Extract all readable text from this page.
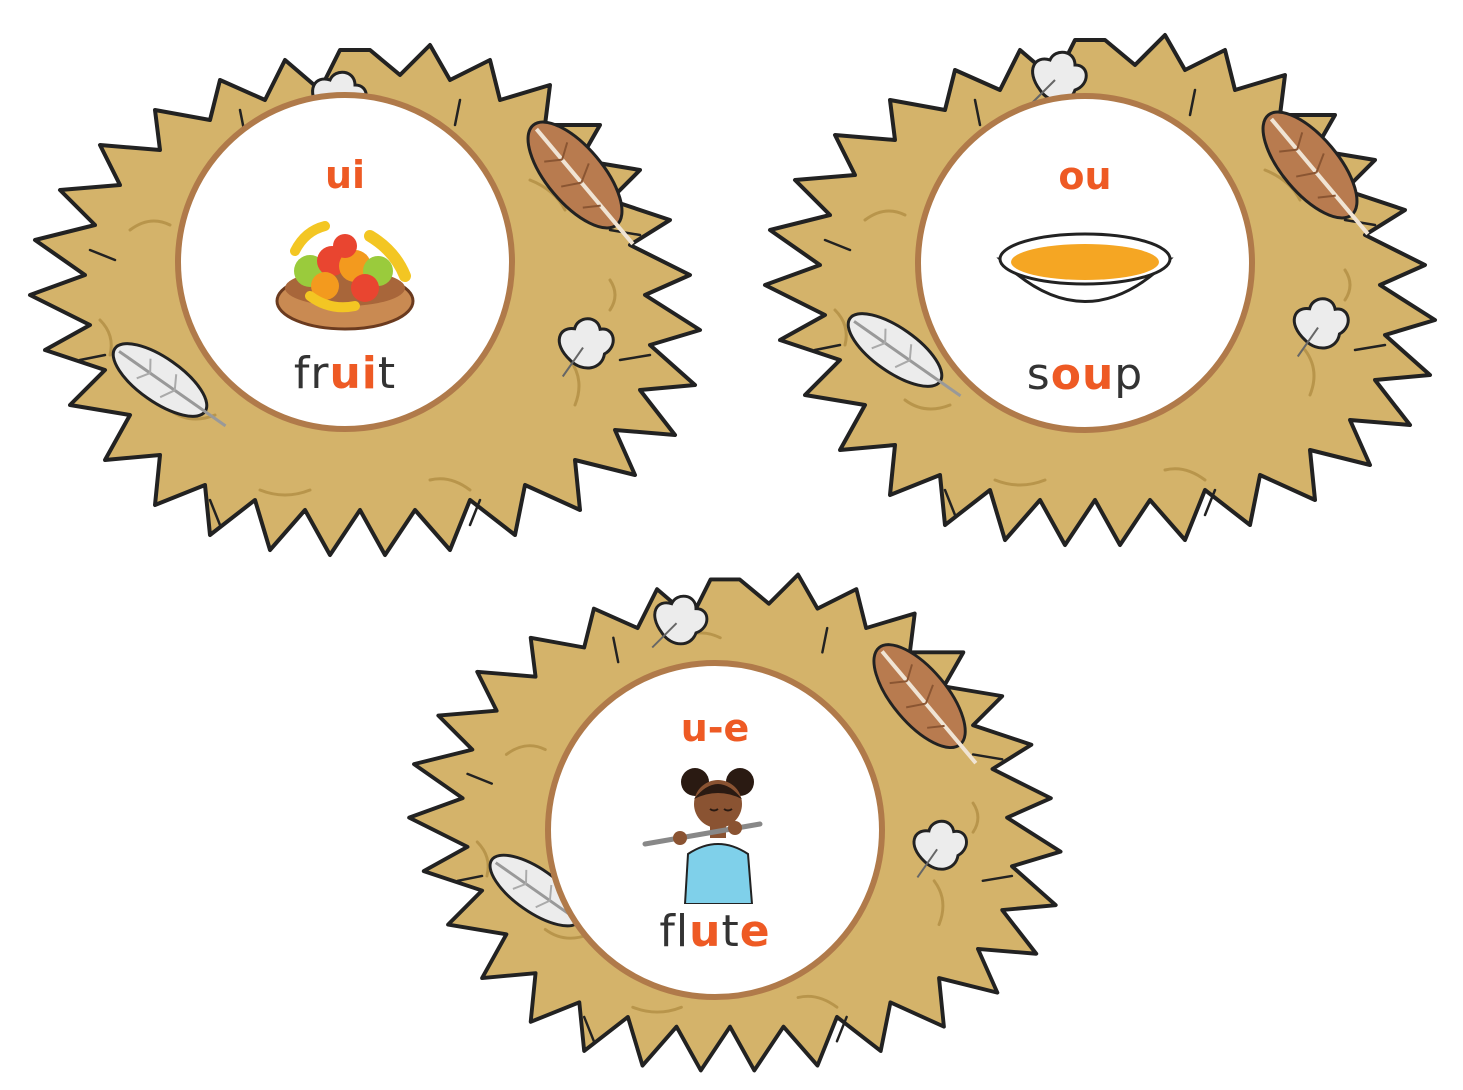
ui
fruit
ou
soup
u-e
flute
